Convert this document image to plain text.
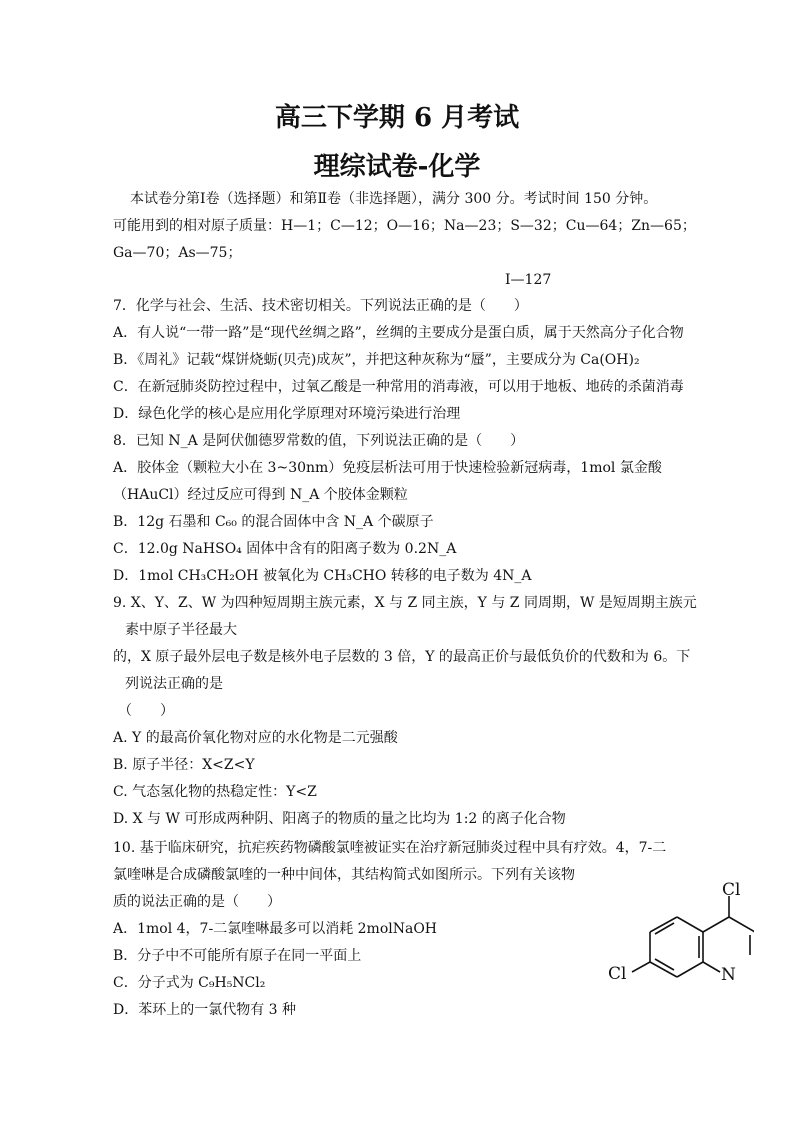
高三下学期 6 月考试
理综试卷-化学
本试卷分第Ⅰ卷（选择题）和第Ⅱ卷（非选择题），满分 300 分。考试时间 150 分钟。
可能用到的相对原子质量：H—1；C—12；O—16；Na—23；S—32；Cu—64；Zn—65；
Ga—70；As—75；
I—127
7．化学与社会、生活、技术密切相关。下列说法正确的是（　　）
A．有人说“一带一路”是“现代丝绸之路”，丝绸的主要成分是蛋白质，属于天然高分子化合物
B．《周礼》记载“煤饼烧蛎(贝壳)成灰”，并把这种灰称为“蜃”，主要成分为 Ca(OH)₂
C．在新冠肺炎防控过程中，过氧乙酸是一种常用的消毒液，可以用于地板、地砖的杀菌消毒
D．绿色化学的核心是应用化学原理对环境污染进行治理
8．已知 N_A 是阿伏伽德罗常数的值，下列说法正确的是（　　）
A．胶体金（颗粒大小在 3~30nm）免疫层析法可用于快速检验新冠病毒，1mol 氯金酸
（HAuCl）经过反应可得到 N_A 个胶体金颗粒
B．12g 石墨和 C₆₀ 的混合固体中含 N_A 个碳原子
C．12.0g NaHSO₄ 固体中含有的阳离子数为 0.2N_A
D．1mol CH₃CH₂OH 被氧化为 CH₃CHO 转移的电子数为 4N_A
9. X、Y、Z、W 为四种短周期主族元素，X 与 Z 同主族，Y 与 Z 同周期，W 是短周期主族元
素中原子半径最大
的，X 原子最外层电子数是核外电子层数的 3 倍，Y 的最高正价与最低负价的代数和为 6。下
列说法正确的是
（　　）
A. Y 的最高价氧化物对应的水化物是二元强酸
B. 原子半径：X<Z<Y
C. 气态氢化物的热稳定性：Y<Z
D. X 与 W 可形成两种阴、阳离子的物质的量之比均为 1:2 的离子化合物
10. 基于临床研究，抗疟疾药物磷酸氯喹被证实在治疗新冠肺炎过程中具有疗效。4，7-二
氯喹啉是合成磷酸氯喹的一种中间体，其结构简式如图所示。下列有关该物
质的说法正确的是（　　）
A．1mol 4，7-二氯喹啉最多可以消耗 2molNaOH
B．分子中不可能所有原子在同一平面上
C．分子式为 C₉H₅NCl₂
D．苯环上的一氯代物有 3 种
Cl
Cl	N
